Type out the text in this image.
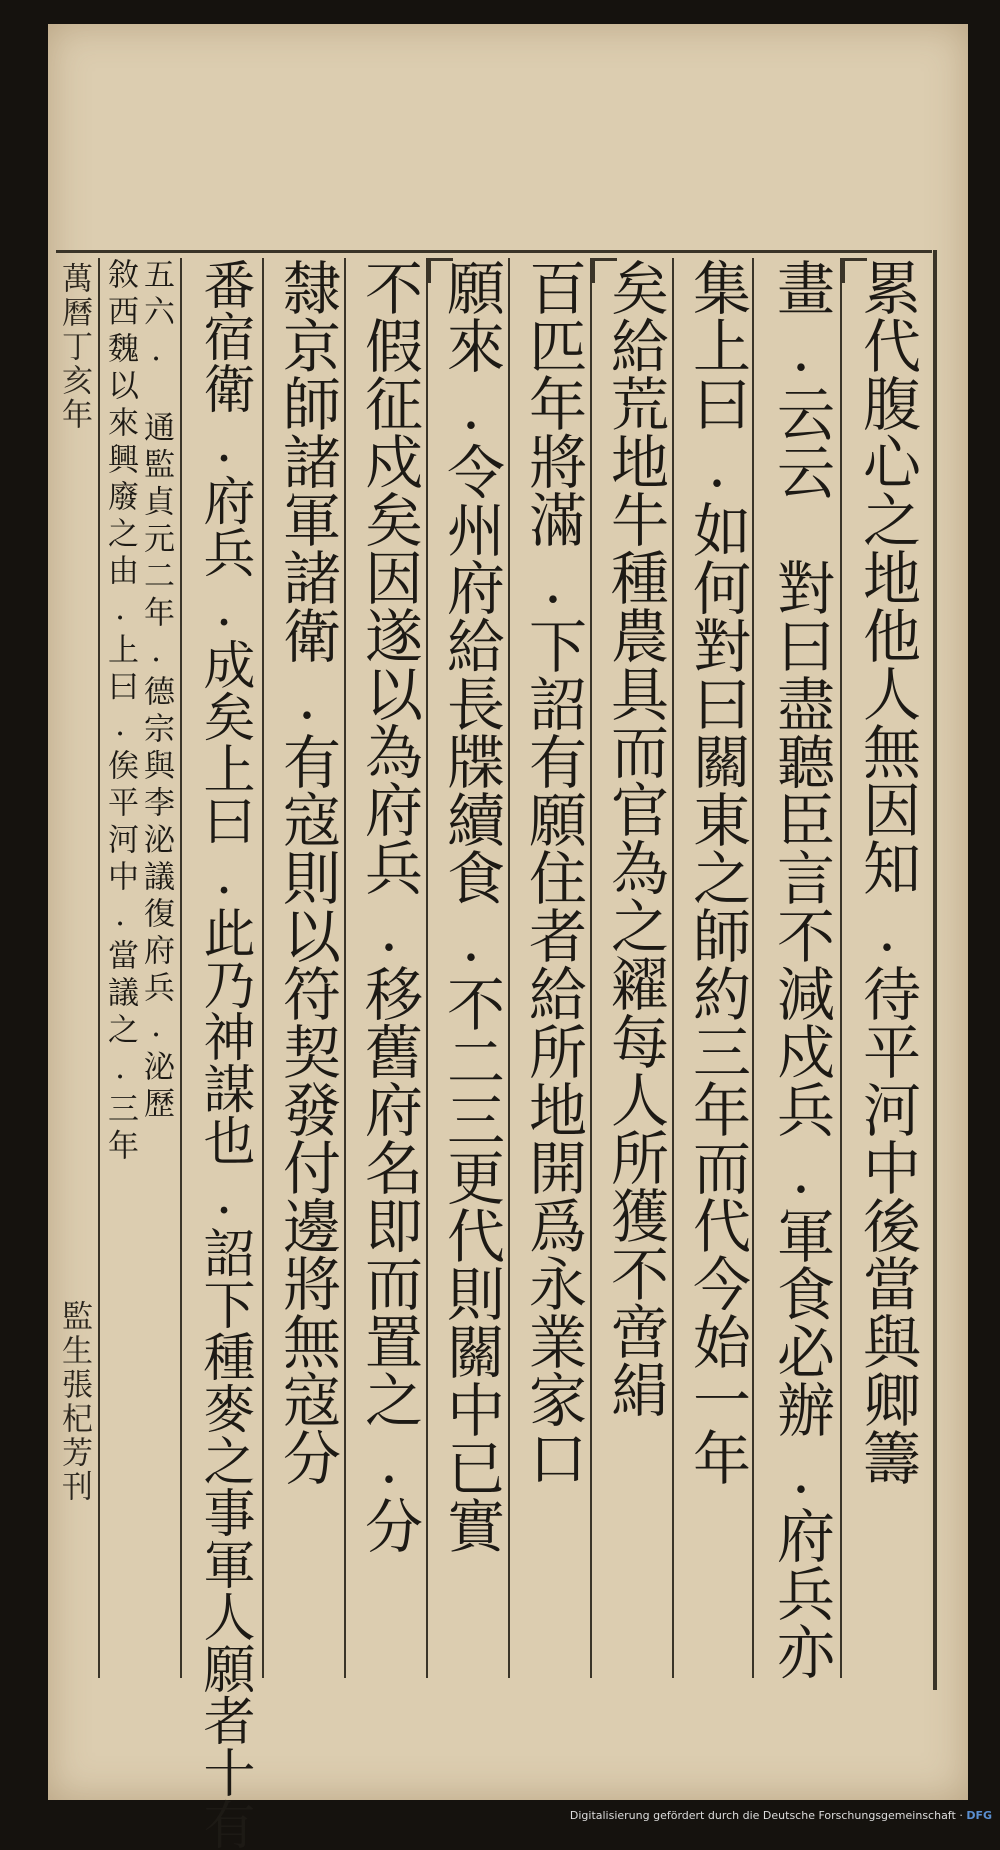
累代腹心之地他人無因知.待平河中後當與卿籌
畫.云云　對曰盡聽臣言不減戍兵.軍食必辦.府兵亦
集上曰.如何對曰關東之師約三年而代今始一年
矣給荒地牛種農具而官為之糴每人所獲不啻絹
百匹年將滿.下詔有願住者給所地開爲永業家口
願來.令州府給長牒續食.不二三更代則關中已實
不假征戍矣因遂以為府兵.移舊府名即而置之.分
隸京師諸軍諸衛.有寇則以符契發付邊將無寇分
番宿衛.府兵.成矣上曰.此乃神謀也.詔下種麥之事軍人願者十有
五六.　通監貞元二年.德宗與李泌議復府兵.泌歷
敘西魏以來興廢之由.上曰.俟平河中.當議之.三年
萬曆丁亥年
監生張杞芳刊
Digitalisierung gefördert durch die Deutsche Forschungsgemeinschaft · DFG
